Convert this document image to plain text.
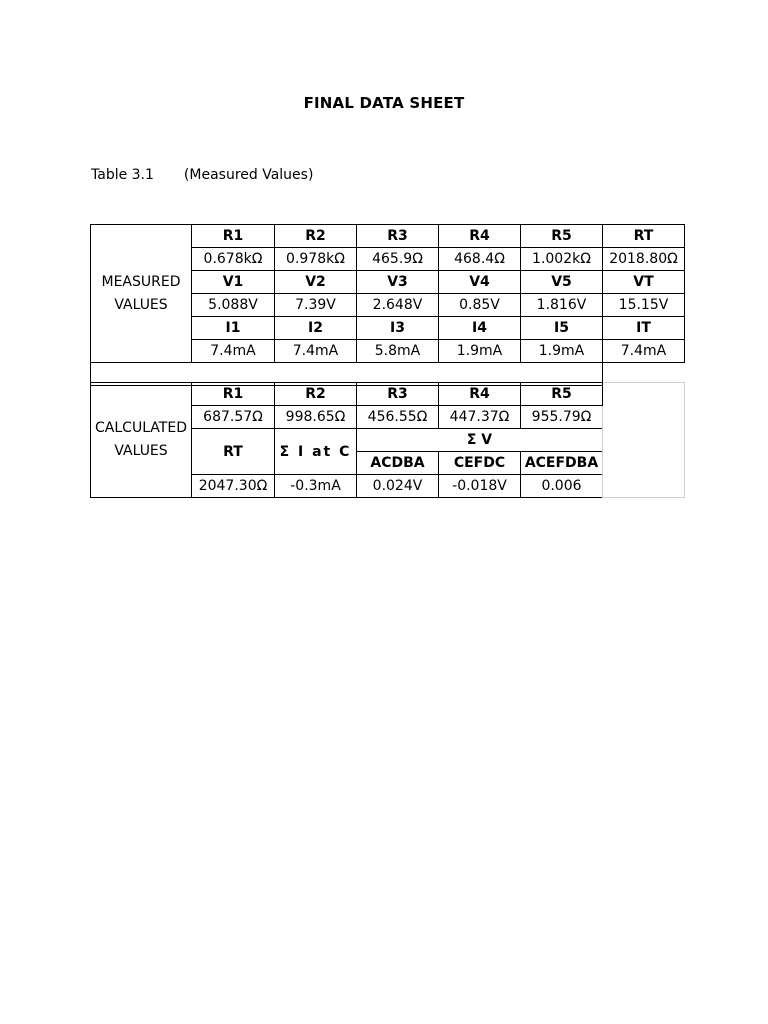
FINAL DATA SHEET
Table 3.1 (Measured Values)
MEASURED
VALUES	R1	R2	R3	R4	R5	RT
	0.678kΩ	0.978kΩ	465.9Ω	468.4Ω	1.002kΩ	2018.80Ω
	V1	V2	V3	V4	V5	VT
	5.088V	7.39V	2.648V	0.85V	1.816V	15.15V
	I1	I2	I3	I4	I5	IT
	7.4mA	7.4mA	5.8mA	1.9mA	1.9mA	7.4mA

CALCULATED
VALUES	R1	R2	R3	R4	R5	
	687.57Ω	998.65Ω	456.55Ω	447.37Ω	955.79Ω	
	RT	Σ I at C	Σ V			
			ACDBA	CEFDC	ACEFDBA	
	2047.30Ω	-0.3mA	0.024V	-0.018V	0.006	
